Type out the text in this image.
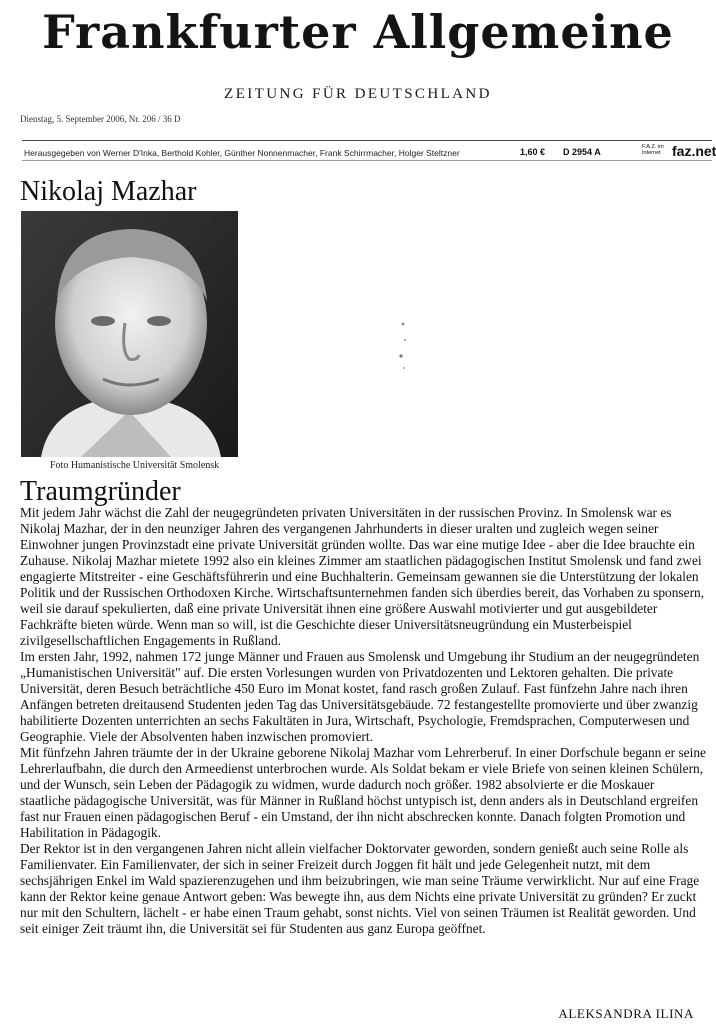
Frankfurter Allgemeine
ZEITUNG FÜR DEUTSCHLAND
Dienstag, 5. September 2006, Nr. 206 / 36 D
Herausgegeben von Werner D'Inka, Berthold Kohler, Günther Nonnenmacher, Frank Schirrmacher, Holger Steltzner	1,60 € D 2954 A	F.A.Z. im Internet faz.net
Nikolaj Mazhar
Foto Humanistische Universität Smolensk
Traumgründer

Mit jedem Jahr wächst die Zahl der neugegründeten privaten Universitäten in der russischen Provinz. In Smolensk war es Nikolaj Mazhar, der in den neunziger Jahren des vergangenen Jahrhunderts in dieser uralten und zugleich wegen seiner Einwohner jungen Provinzstadt eine private Universität gründen wollte. Das war eine mutige Idee - aber die Idee brauchte ein Zuhause. Nikolaj Mazhar mietete 1992 also ein kleines Zimmer am staatlichen pädagogischen Institut Smolensk und fand zwei engagierte Mitstreiter - eine Geschäftsführerin und eine Buchhalterin. Gemeinsam gewannen sie die Unterstützung der lokalen Politik und der Russischen Orthodoxen Kirche. Wirtschaftsunternehmen fanden sich überdies bereit, das Vorhaben zu sponsern, weil sie darauf spekulierten, daß eine private Universität ihnen eine größere Auswahl motivierter und gut ausgebildeter Fachkräfte bieten würde. Wenn man so will, ist die Geschichte dieser Universitätsneugründung ein Musterbeispiel zivilgesellschaftlichen Engagements in Rußland.

Im ersten Jahr, 1992, nahmen 172 junge Männer und Frauen aus Smolensk und Umgebung ihr Studium an der neugegründeten „Humanistischen Universität" auf. Die ersten Vorlesungen wurden von Privatdozenten und Lektoren gehalten. Die private Universität, deren Besuch beträchtliche 450 Euro im Monat kostet, fand rasch großen Zulauf. Fast fünfzehn Jahre nach ihren Anfängen betreten dreitausend Studenten jeden Tag das Universitätsgebäude. 72 festangestellte promovierte und über zwanzig habilitierte Dozenten unterrichten an sechs Fakultäten in Jura, Wirtschaft, Psychologie, Fremdsprachen, Computerwesen und Geographie. Viele der Absolventen haben inzwischen promoviert.

Mit fünfzehn Jahren träumte der in der Ukraine geborene Nikolaj Mazhar vom Lehrerberuf. In einer Dorfschule begann er seine Lehrerlaufbahn, die durch den Armeedienst unterbrochen wurde. Als Soldat bekam er viele Briefe von seinen kleinen Schülern, und der Wunsch, sein Leben der Pädagogik zu widmen, wurde dadurch noch größer. 1982 absolvierte er die Moskauer staatliche pädagogische Universität, was für Männer in Rußland höchst untypisch ist, denn anders als in Deutschland ergreifen fast nur Frauen einen pädagogischen Beruf - ein Umstand, der ihn nicht abschrecken konnte. Danach folgten Promotion und Habilitation in Pädagogik.

Der Rektor ist in den vergangenen Jahren nicht allein vielfacher Doktorvater geworden, sondern genießt auch seine Rolle als Familienvater. Ein Familienvater, der sich in seiner Freizeit durch Joggen fit hält und jede Gelegenheit nutzt, mit dem sechsjährigen Enkel im Wald spazierenzugehen und ihm beizubringen, wie man seine Träume verwirklicht. Nur auf eine Frage kann der Rektor keine genaue Antwort geben: Was bewegte ihn, aus dem Nichts eine private Universität zu gründen? Er zuckt nur mit den Schultern, lächelt - er habe einen Traum gehabt, sonst nichts. Viel von seinen Träumen ist Realität geworden. Und seit einiger Zeit träumt ihn, die Universität sei für Studenten aus ganz Europa geöffnet.

ALEKSANDRA ILINA
